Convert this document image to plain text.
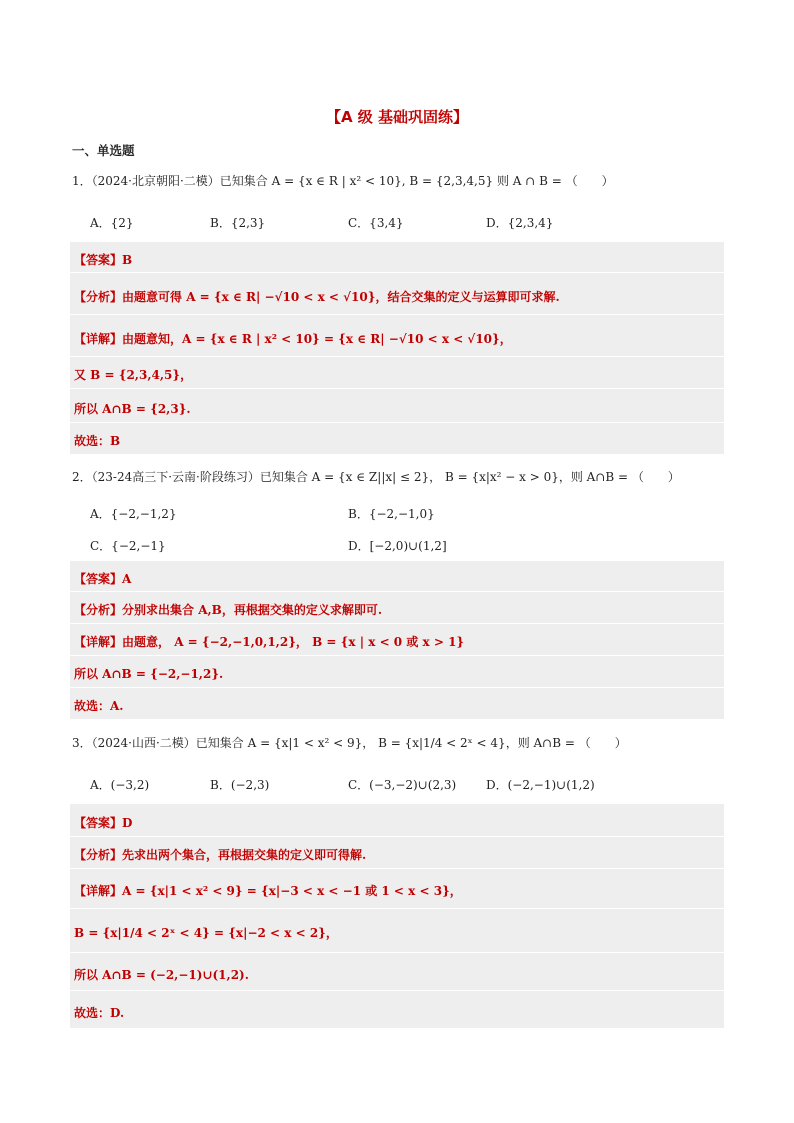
【A 级 基础巩固练】
一、单选题
1．（2024·北京朝阳·二模）已知集合 A = {x ∈ R | x² < 10}, B = {2,3,4,5} 则 A ∩ B = （　　）
A．{2}	B．{2,3}	C．{3,4}	D．{2,3,4}
【答案】B
【分析】由题意可得 A = {x ∈ R| −√10 < x < √10}，结合交集的定义与运算即可求解.
【详解】由题意知，A = {x ∈ R | x² < 10} = {x ∈ R| −√10 < x < √10}，
又 B = {2,3,4,5}，
所以 A∩B = {2,3}.
故选：B
2．（23-24高三下·云南·阶段练习）已知集合 A = {x ∈ Z||x| ≤ 2}， B = {x|x² − x > 0}，则 A∩B = （　　）
A．{−2,−1,2}	B．{−2,−1,0}
C．{−2,−1}	D．[−2,0)∪(1,2]
【答案】A
【分析】分别求出集合 A,B，再根据交集的定义求解即可.
【详解】由题意， A = {−2,−1,0,1,2}， B = {x | x < 0 或 x > 1}
所以 A∩B = {−2,−1,2}.
故选：A.
3．（2024·山西·二模）已知集合 A = {x|1 < x² < 9}， B = {x|1/4 < 2ˣ < 4}，则 A∩B = （　　）
A．(−3,2)	B．(−2,3)	C．(−3,−2)∪(2,3) D．(−2,−1)∪(1,2)
【答案】D
【分析】先求出两个集合，再根据交集的定义即可得解.
【详解】A = {x|1 < x² < 9} = {x|−3 < x < −1 或 1 < x < 3}，
B = {x|1/4 < 2ˣ < 4} = {x|−2 < x < 2}，
所以 A∩B = (−2,−1)∪(1,2).
故选：D.
